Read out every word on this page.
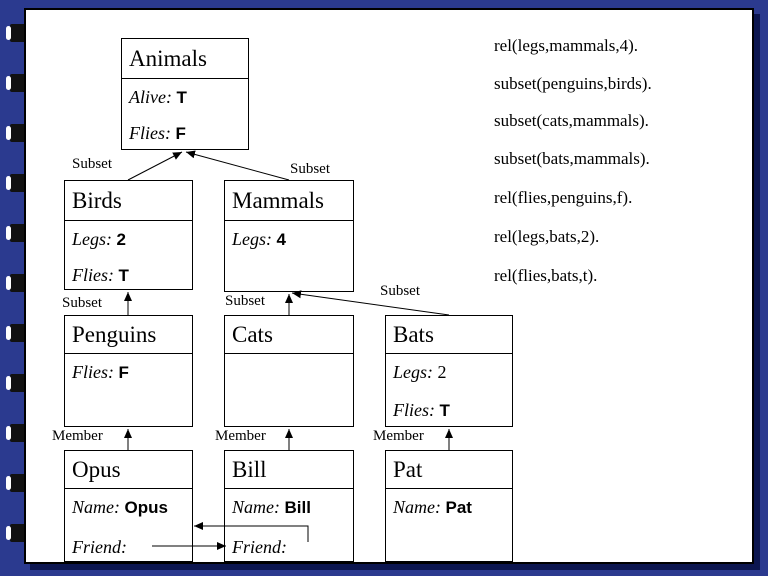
Animals
Alive: T
Flies: F
Birds
Legs: 2
Flies: T
Mammals
Legs: 4
Penguins
Flies: F
Cats	Bats
Legs: 2
Flies: T
Opus
Name: Opus
Friend:
Bill
Name: Bill
Friend:
Pat
Name: Pat
Subset	Subset
Subset	Subset
Subset
Member	Member	Member
rel(legs,mammals,4).
subset(penguins,birds).
subset(cats,mammals).
subset(bats,mammals).
rel(flies,penguins,f).
rel(legs,bats,2).
rel(flies,bats,t).
